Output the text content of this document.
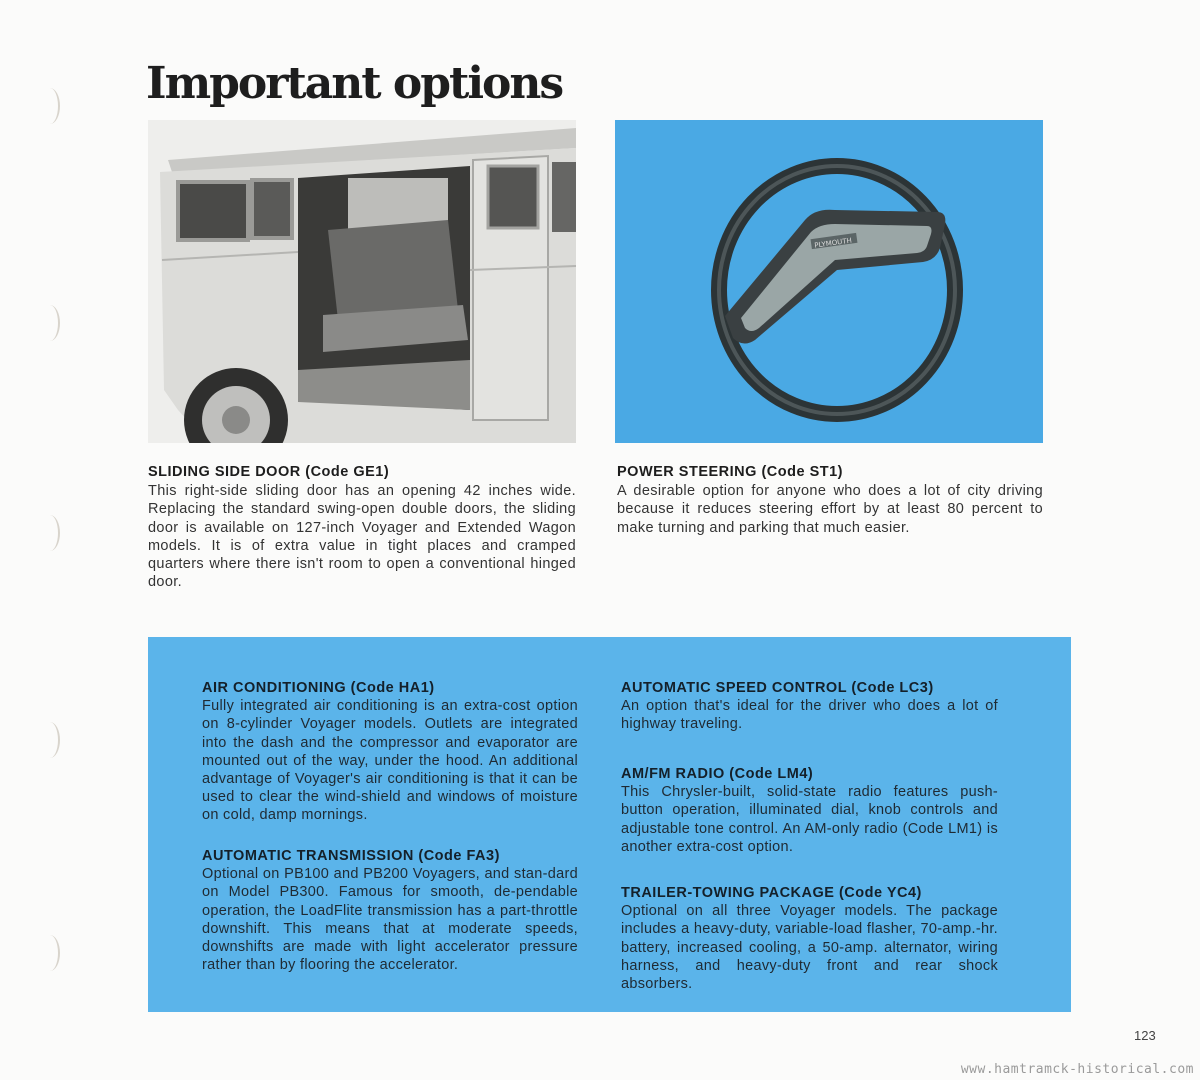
Important options
PLYMOUTH
SLIDING SIDE DOOR (Code GE1)

This right-side sliding door has an opening 42 inches wide. Replacing the standard swing-open double doors, the sliding door is available on 127-inch Voyager and Extended Wagon models. It is of extra value in tight places and cramped quarters where there isn't room to open a conventional hinged door.

POWER STEERING (Code ST1)

A desirable option for anyone who does a lot of city driving because it reduces steering effort by at least 80 percent to make turning and parking that much easier.

AIR CONDITIONING (Code HA1)

Fully integrated air conditioning is an extra-cost option on 8-cylinder Voyager models. Outlets are integrated into the dash and the compressor and evaporator are mounted out of the way, under the hood. An additional advantage of Voyager's air conditioning is that it can be used to clear the wind-shield and windows of moisture on cold, damp mornings.

AUTOMATIC TRANSMISSION (Code FA3)

Optional on PB100 and PB200 Voyagers, and stan-dard on Model PB300. Famous for smooth, de-pendable operation, the LoadFlite transmission has a part-throttle downshift. This means that at moderate speeds, downshifts are made with light accelerator pressure rather than by flooring the accelerator.

AUTOMATIC SPEED CONTROL (Code LC3)

An option that's ideal for the driver who does a lot of highway traveling.

AM/FM RADIO (Code LM4)

This Chrysler-built, solid-state radio features push-button operation, illuminated dial, knob controls and adjustable tone control. An AM-only radio (Code LM1) is another extra-cost option.

TRAILER-TOWING PACKAGE (Code YC4)

Optional on all three Voyager models. The package includes a heavy-duty, variable-load flasher, 70-amp.-hr. battery, increased cooling, a 50-amp. alternator, wiring harness, and heavy-duty front and rear shock absorbers.

123
www.hamtramck-historical.com
